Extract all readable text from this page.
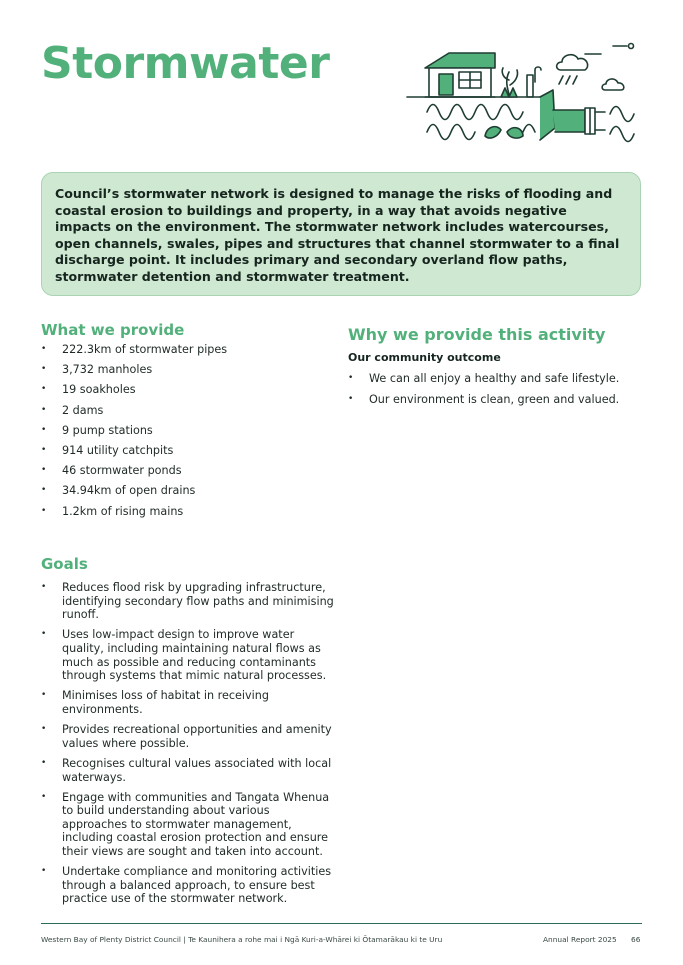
Stormwater

Council’s stormwater network is designed to manage the risks of flooding and coastal erosion to buildings and property, in a way that avoids negative impacts on the environment. The stormwater network includes watercourses, open channels, swales, pipes and structures that channel stormwater to a final discharge point. It includes primary and secondary overland flow paths, stormwater detention and stormwater treatment.

What we provide
• 222.3km of stormwater pipes
• 3,732 manholes
• 19 soakholes
• 2 dams
• 9 pump stations
• 914 utility catchpits
• 46 stormwater ponds
• 34.94km of open drains
• 1.2km of rising mains
Goals
• Reduces flood risk by upgrading infrastructure, identifying secondary flow paths and minimising runoff.
• Uses low-impact design to improve water quality, including maintaining natural flows as much as possible and reducing contaminants through systems that mimic natural processes.
• Minimises loss of habitat in receiving environments.
• Provides recreational opportunities and amenity values where possible.
• Recognises cultural values associated with local waterways.
• Engage with communities and Tangata Whenua to build understanding about various approaches to stormwater management, including coastal erosion protection and ensure their views are sought and taken into account.
• Undertake compliance and monitoring activities through a balanced approach, to ensure best practice use of the stormwater network.
Why we provide this activity
Our community outcome
• We can all enjoy a healthy and safe lifestyle.
• Our environment is clean, green and valued.
Western Bay of Plenty District Council | Te Kaunihera a rohe mai i Ngā Kuri-a-Whārei ki Ōtamarākau ki te Uru	Annual Report 2025 66
